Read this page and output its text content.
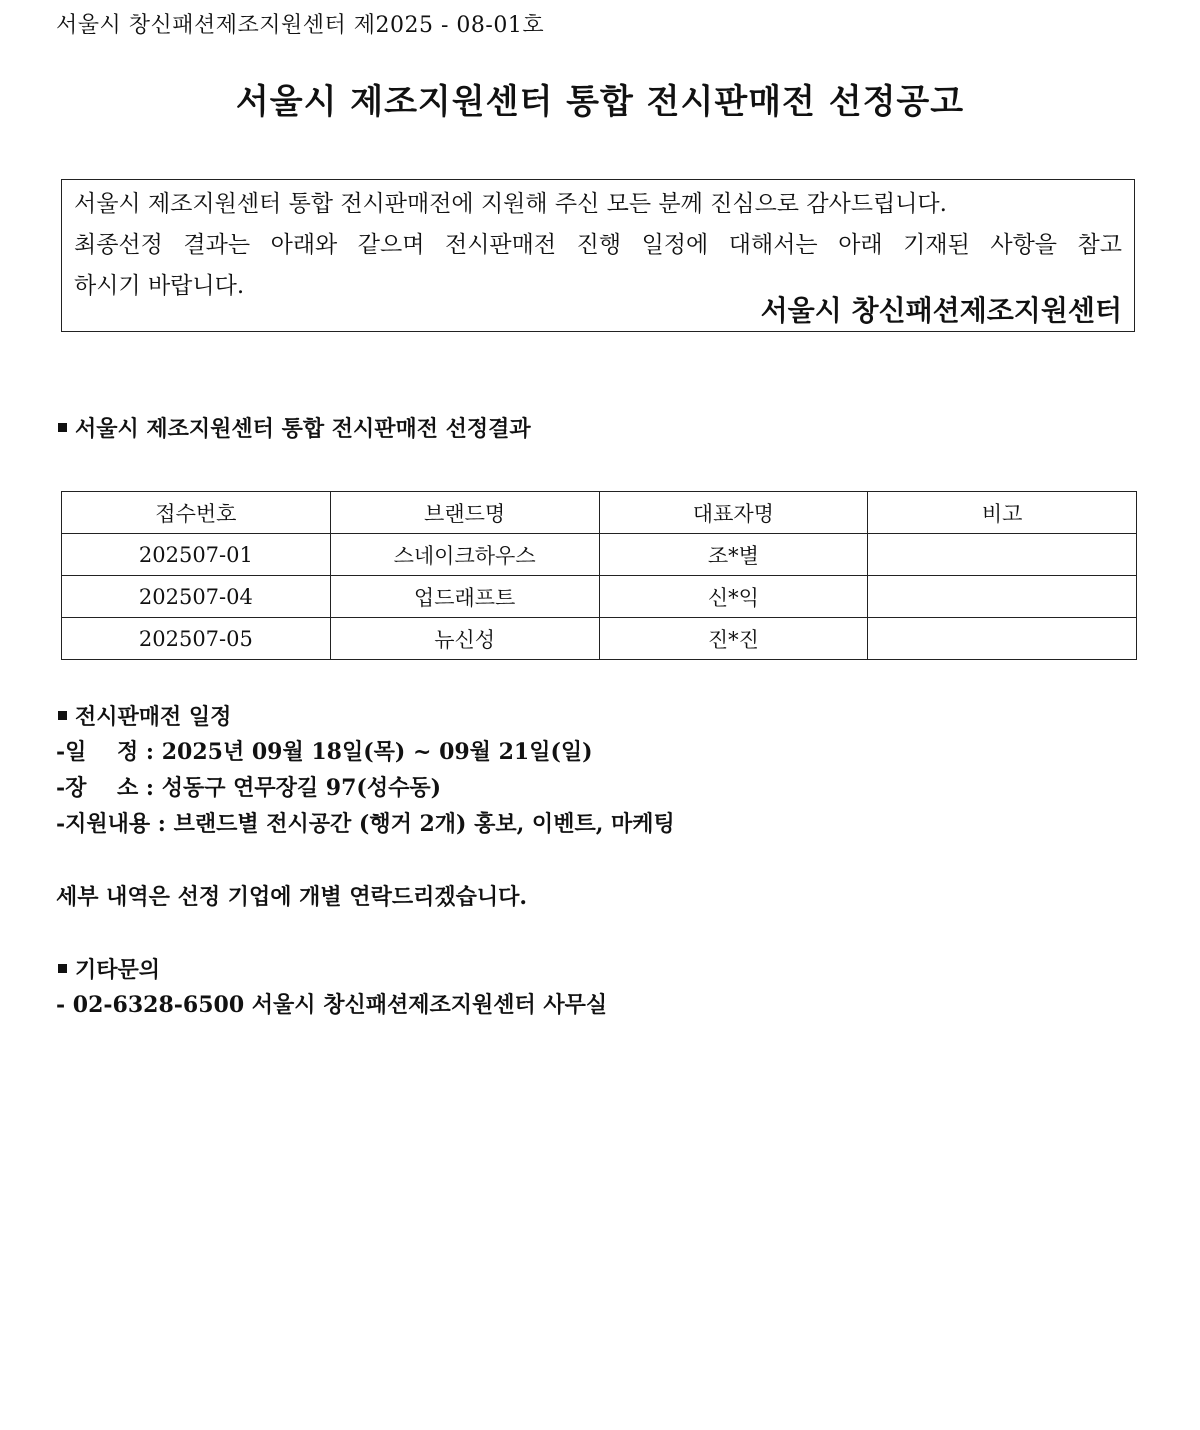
서울시 창신패션제조지원센터 제2025 - 08-01호
서울시 제조지원센터 통합 전시판매전 선정공고
서울시 제조지원센터 통합 전시판매전에 지원해 주신 모든 분께 진심으로 감사드립니다.
최종선정 결과는 아래와 같으며 전시판매전 진행 일정에 대해서는 아래 기재된 사항을 참고
하시기 바랍니다.
서울시 창신패션제조지원센터
서울시 제조지원센터 통합 전시판매전 선정결과
접수번호	브랜드명	대표자명	비고
202507-01	스네이크하우스	조*별	
202507-04	업드래프트	신*익	
202507-05	뉴신성	진*진	
전시판매전 일정
-일    정 : 2025년 09월 18일(목) ~ 09월 21일(일)
-장    소 : 성동구 연무장길 97(성수동)
-지원내용 : 브랜드별 전시공간 (행거 2개) 홍보, 이벤트, 마케팅
세부 내역은 선정 기업에 개별 연락드리겠습니다.
기타문의
- 02-6328-6500 서울시 창신패션제조지원센터 사무실
